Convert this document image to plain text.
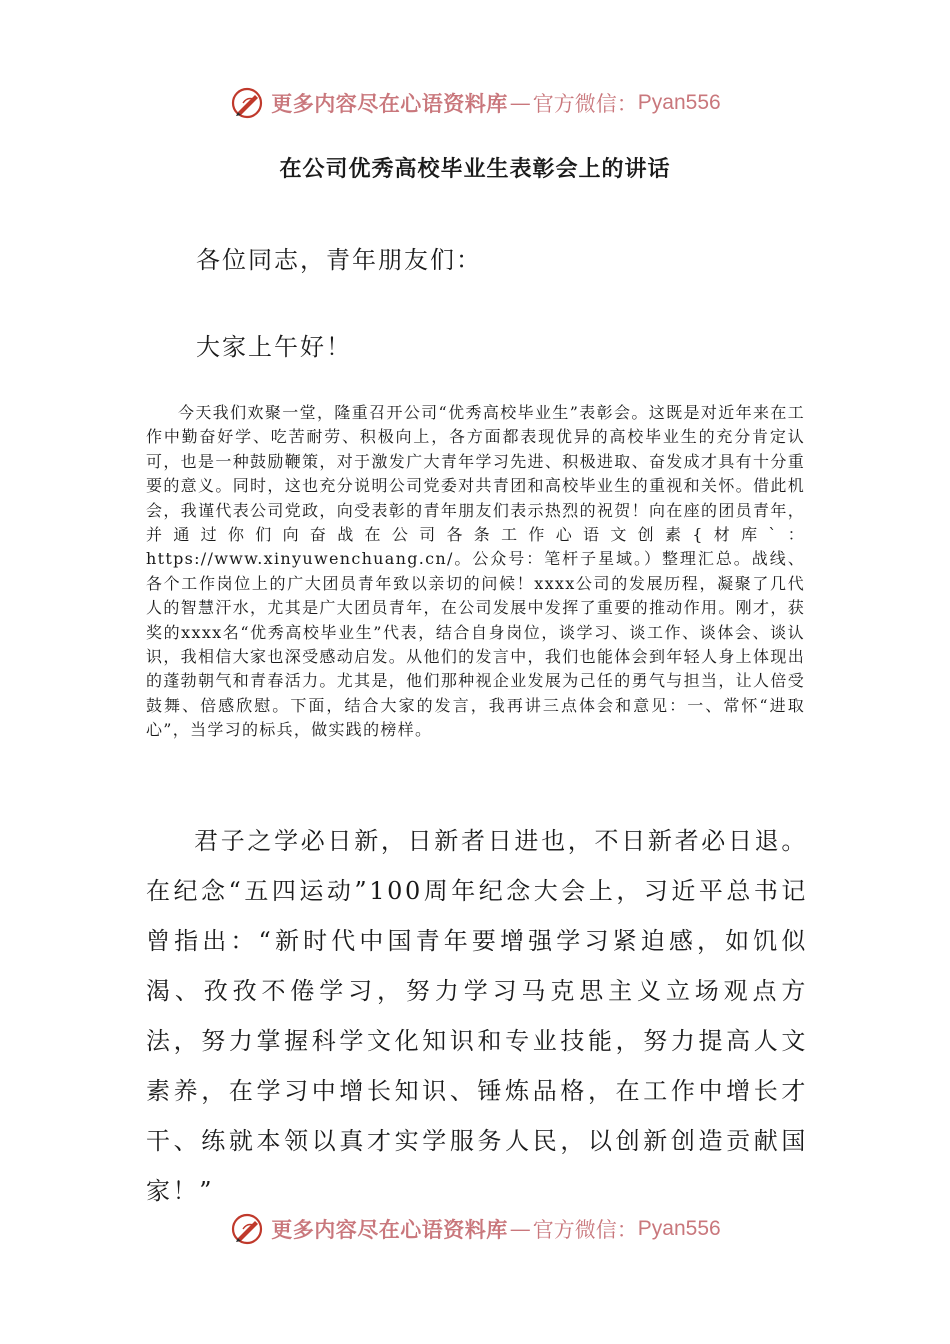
更多内容尽在心语资料库 — 官方微信： Pyan556
在公司优秀高校毕业生表彰会上的讲话

各位同志，青年朋友们：

大家上午好！

今天我们欢聚一堂，隆重召开公司“优秀高校毕业生”表彰会。这既是对近年来在工作中勤奋好学、吃苦耐劳、积极向上，各方面都表现优异的高校毕业生的充分肯定认可，也是一种鼓励鞭策，对于激发广大青年学习先进、积极进取、奋发成才具有十分重要的意义。同时，这也充分说明公司党委对共青团和高校毕业生的重视和关怀。借此机会，我谨代表公司党政，向受表彰的青年朋友们表示热烈的祝贺！向在座的团员青年，并通过你们向奋战在公司各条工作心语文创素{材库`：https://www.xinyuwenchuang.cn/。公众号：笔杆子星域。）整理汇总。战线、各个工作岗位上的广大团员青年致以亲切的问候！xxxx公司的发展历程，凝聚了几代人的智慧汗水，尤其是广大团员青年，在公司发展中发挥了重要的推动作用。刚才，获奖的xxxx名“优秀高校毕业生”代表，结合自身岗位，谈学习、谈工作、谈体会、谈认识，我相信大家也深受感动启发。从他们的发言中，我们也能体会到年轻人身上体现出的蓬勃朝气和青春活力。尤其是，他们那种视企业发展为己任的勇气与担当，让人倍受鼓舞、倍感欣慰。下面，结合大家的发言，我再讲三点体会和意见：一、常怀“进取心”，当学习的标兵，做实践的榜样。

君子之学必日新，日新者日进也，不日新者必日退。在纪念“五四运动”100周年纪念大会上，习近平总书记曾指出：“新时代中国青年要增强学习紧迫感，如饥似渴、孜孜不倦学习，努力学习马克思主义立场观点方法，努力掌握科学文化知识和专业技能，努力提高人文素养，在学习中增长知识、锤炼品格，在工作中增长才干、练就本领以真才实学服务人民，以创新创造贡献国家！”

更多内容尽在心语资料库 — 官方微信： Pyan556
